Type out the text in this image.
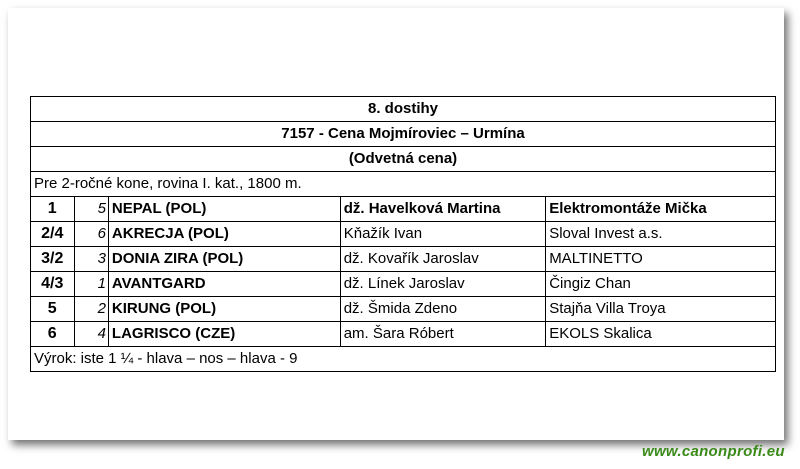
8. dostihy				
7157 - Cena Mojmíroviec – Urmína				
(Odvetná cena)				
Pre 2-ročné kone, rovina I. kat., 1800 m.				
1	5	NEPAL (POL)	dž. Havelková Martina	Elektromontáže Mička
2/4	6	AKRECJA (POL)	Kňažík Ivan	Sloval Invest a.s.
3/2	3	DONIA ZIRA (POL)	dž. Kovařík Jaroslav	MALTINETTO
4/3	1	AVANTGARD	dž. Línek Jaroslav	Čingiz Chan
5	2	KIRUNG (POL)	dž. Šmida Zdeno	Stajňa Villa Troya
6	4	LAGRISCO (CZE)	am. Šara Róbert	EKOLS Skalica
Výrok: iste 1 ¼ - hlava – nos – hlava - 9				
www.canonprofi.eu
